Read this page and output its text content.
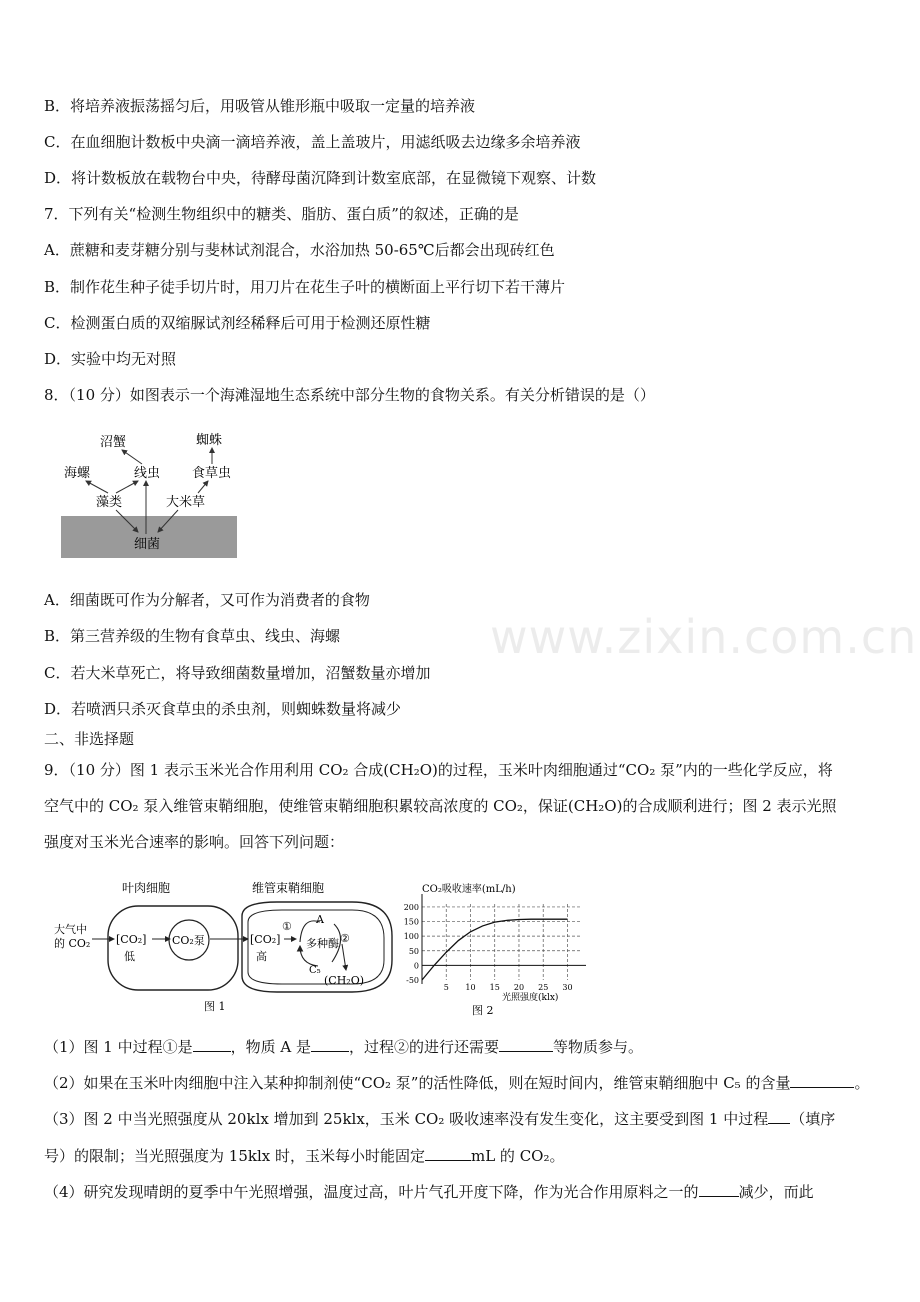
www.zixin.com.cn
B．将培养液振荡摇匀后，用吸管从锥形瓶中吸取一定量的培养液
C．在血细胞计数板中央滴一滴培养液，盖上盖玻片，用滤纸吸去边缘多余培养液
D．将计数板放在载物台中央，待酵母菌沉降到计数室底部，在显微镜下观察、计数
7．下列有关“检测生物组织中的糖类、脂肪、蛋白质”的叙述，正确的是
A．蔗糖和麦芽糖分别与斐林试剂混合，水浴加热 50-65℃后都会出现砖红色
B．制作花生种子徒手切片时，用刀片在花生子叶的横断面上平行切下若干薄片
C．检测蛋白质的双缩脲试剂经稀释后可用于检测还原性糖
D．实验中均无对照
8．（10 分）如图表示一个海滩湿地生态系统中部分生物的食物关系。有关分析错误的是（）
沼蟹	蜘蛛
海螺	线虫 食草虫
藻类	大米草
细菌
A．细菌既可作为分解者，又可作为消费者的食物
B．第三营养级的生物有食草虫、线虫、海螺
C．若大米草死亡，将导致细菌数量增加，沼蟹数量亦增加
D．若喷洒只杀灭食草虫的杀虫剂，则蜘蛛数量将减少
二、非选择题
9．（10 分）图 1 表示玉米光合作用利用 CO₂ 合成(CH₂O)的过程，玉米叶肉细胞通过“CO₂ 泵”内的一些化学反应，将
空气中的 CO₂ 泵入维管束鞘细胞，使维管束鞘细胞积累较高浓度的 CO₂，保证(CH₂O)的合成顺利进行；图 2 表示光照
强度对玉米光合速率的影响。回答下列问题：
叶肉细胞	维管束鞘细胞
大气中
的 CO₂ [CO₂]
低
CO₂泵	[CO₂]
高
①
A
多种酶
C₅
②
(CH₂O)
图 1
CO₂吸收速率(mL/h)
光照强度(klx)
图 2
-50
0
50
100
150
200
5 10 15 20 25 30
（1）图 1 中过程①是	，物质 A 是	，过程②的进行还需要	等物质参与。
（2）如果在玉米叶肉细胞中注入某种抑制剂使“CO₂ 泵”的活性降低，则在短时间内，维管束鞘细胞中 C₅ 的含量	。
（3）图 2 中当光照强度从 20klx 增加到 25klx，玉米 CO₂ 吸收速率没有发生变化，这主要受到图 1 中过程 （填序
号）的限制；当光照强度为 15klx 时，玉米每小时能固定	mL 的 CO₂。
（4）研究发现晴朗的夏季中午光照增强，温度过高，叶片气孔开度下降，作为光合作用原料之一的	减少，而此
